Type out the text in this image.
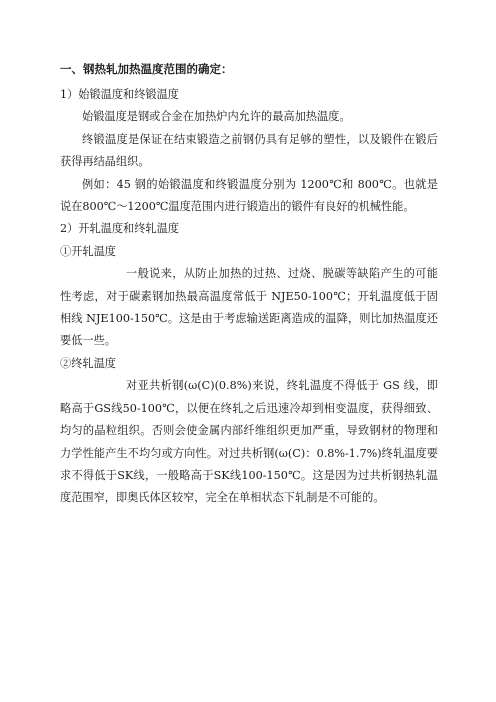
一、钢热轧加热温度范围的确定：

1）始锻温度和终锻温度

始锻温度是钢或合金在加热炉内允许的最高加热温度。

终锻温度是保证在结束锻造之前钢仍具有足够的塑性，以及锻件在锻后获得再结晶组织。

例如：45 钢的始锻温度和终锻温度分别为 1200℃和 800℃。也就是说在800℃～1200℃温度范围内进行锻造出的锻件有良好的机械性能。

2）开轧温度和终轧温度

①开轧温度

一般说来，从防止加热的过热、过烧、脱碳等缺陷产生的可能性考虑，对于碳素钢加热最高温度常低于 NJE50-100℃；开轧温度低于固相线 NJE100-150℃。这是由于考虑输送距离造成的温降，则比加热温度还要低一些。

②终轧温度

对亚共析钢(ω(C)(0.8%)来说，终轧温度不得低于 GS 线，即略高于GS线50-100℃，以便在终轧之后迅速冷却到相变温度，获得细致、均匀的晶粒组织。否则会使金属内部纤维组织更加严重，导致钢材的物理和力学性能产生不均匀或方向性。对过共析钢(ω(C)：0.8%-1.7%)终轧温度要求不得低于SK线，一般略高于SK线100-150℃。这是因为过共析钢热轧温度范围窄，即奥氏体区较窄，完全在单相状态下轧制是不可能的。
